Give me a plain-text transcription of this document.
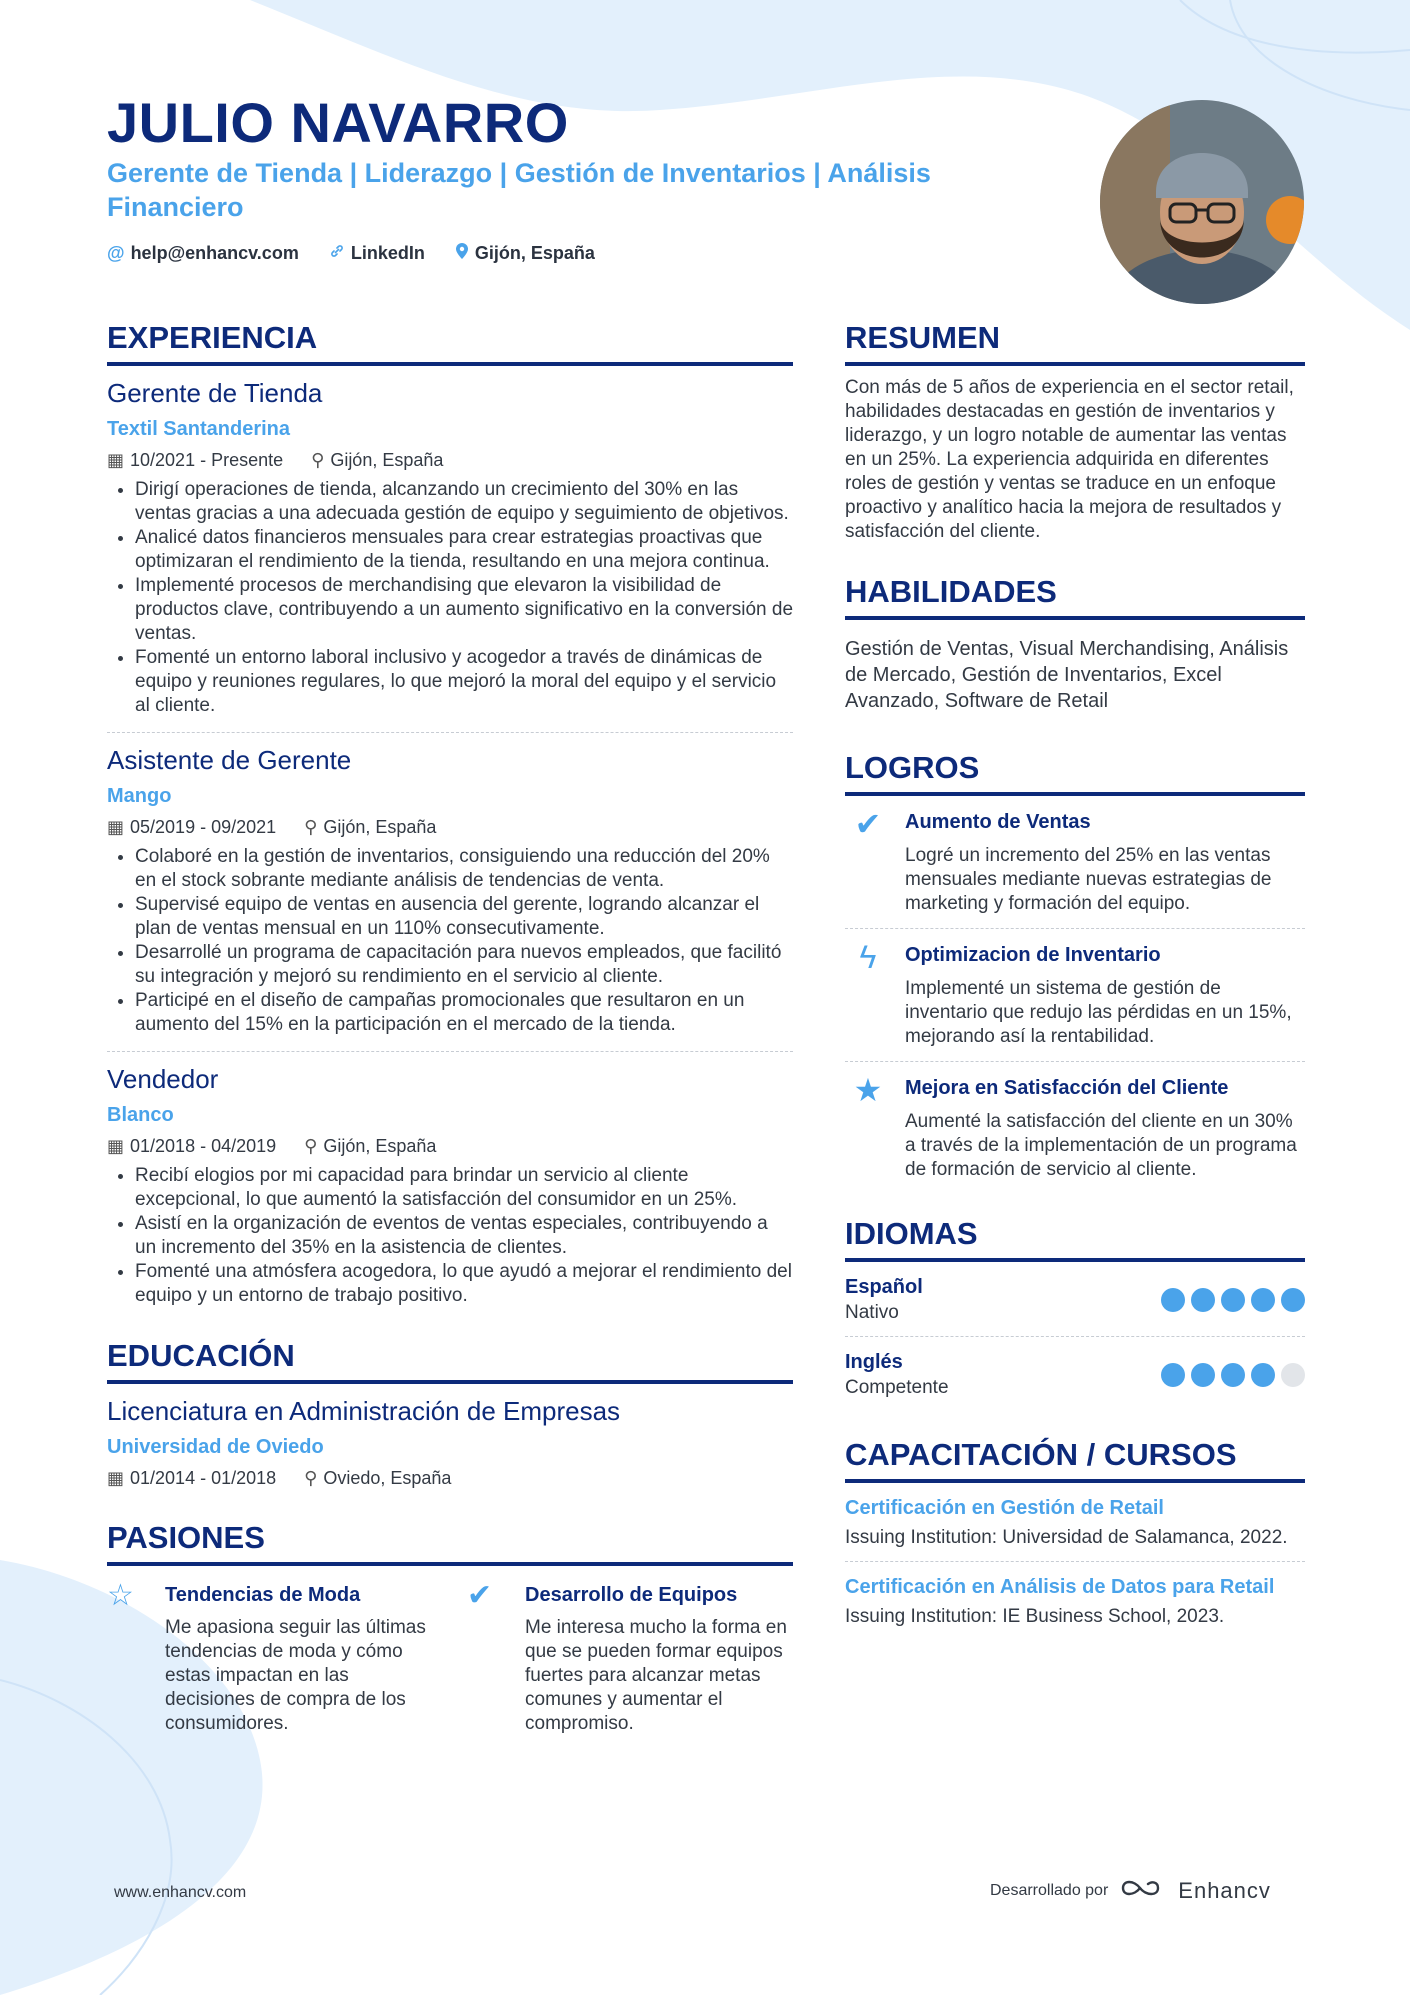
JULIO NAVARRO
Gerente de Tienda | Liderazgo | Gestión de Inventarios | Análisis Financiero
@ help@enhancv.com	LinkedIn	Gijón, España
EXPERIENCIA
Gerente de Tienda
Textil Santanderina
▦ 10/2021 - Presente ⚲ Gijón, España
• Dirigí operaciones de tienda, alcanzando un crecimiento del 30% en las ventas gracias a una adecuada gestión de equipo y seguimiento de objetivos.
• Analicé datos financieros mensuales para crear estrategias proactivas que optimizaran el rendimiento de la tienda, resultando en una mejora continua.
• Implementé procesos de merchandising que elevaron la visibilidad de productos clave, contribuyendo a un aumento significativo en la conversión de ventas.
• Fomenté un entorno laboral inclusivo y acogedor a través de dinámicas de equipo y reuniones regulares, lo que mejoró la moral del equipo y el servicio al cliente.
Asistente de Gerente
Mango
▦ 05/2019 - 09/2021 ⚲ Gijón, España
• Colaboré en la gestión de inventarios, consiguiendo una reducción del 20% en el stock sobrante mediante análisis de tendencias de venta.
• Supervisé equipo de ventas en ausencia del gerente, logrando alcanzar el plan de ventas mensual en un 110% consecutivamente.
• Desarrollé un programa de capacitación para nuevos empleados, que facilitó su integración y mejoró su rendimiento en el servicio al cliente.
• Participé en el diseño de campañas promocionales que resultaron en un aumento del 15% en la participación en el mercado de la tienda.
Vendedor
Blanco
▦ 01/2018 - 04/2019 ⚲ Gijón, España
• Recibí elogios por mi capacidad para brindar un servicio al cliente excepcional, lo que aumentó la satisfacción del consumidor en un 25%.
• Asistí en la organización de eventos de ventas especiales, contribuyendo a un incremento del 35% en la asistencia de clientes.
• Fomenté una atmósfera acogedora, lo que ayudó a mejorar el rendimiento del equipo y un entorno de trabajo positivo.
EDUCACIÓN
Licenciatura en Administración de Empresas
Universidad de Oviedo
▦ 01/2014 - 01/2018 ⚲ Oviedo, España
PASIONES
☆	Tendencias de Moda
Me apasiona seguir las últimas tendencias de moda y cómo estas impactan en las decisiones de compra de los consumidores.
✔	Desarrollo de Equipos
Me interesa mucho la forma en que se pueden formar equipos fuertes para alcanzar metas comunes y aumentar el compromiso.
RESUMEN
Con más de 5 años de experiencia en el sector retail, habilidades destacadas en gestión de inventarios y liderazgo, y un logro notable de aumentar las ventas en un 25%. La experiencia adquirida en diferentes roles de gestión y ventas se traduce en un enfoque proactivo y analítico hacia la mejora de resultados y satisfacción del cliente.
HABILIDADES
Gestión de Ventas, Visual Merchandising, Análisis de Mercado, Gestión de Inventarios, Excel Avanzado, Software de Retail
LOGROS
✔	Aumento de Ventas
Logré un incremento del 25% en las ventas mensuales mediante nuevas estrategias de marketing y formación del equipo.
ϟ	Optimizacion de Inventario
Implementé un sistema de gestión de inventario que redujo las pérdidas en un 15%, mejorando así la rentabilidad.
★	Mejora en Satisfacción del Cliente
Aumenté la satisfacción del cliente en un 30% a través de la implementación de un programa de formación de servicio al cliente.
IDIOMAS
Español
Nativo
Inglés
Competente
CAPACITACIÓN / CURSOS
Certificación en Gestión de Retail
Issuing Institution: Universidad de Salamanca, 2022.
Certificación en Análisis de Datos para Retail
Issuing Institution: IE Business School, 2023.
www.enhancv.com	Desarrollado por	Enhancv
